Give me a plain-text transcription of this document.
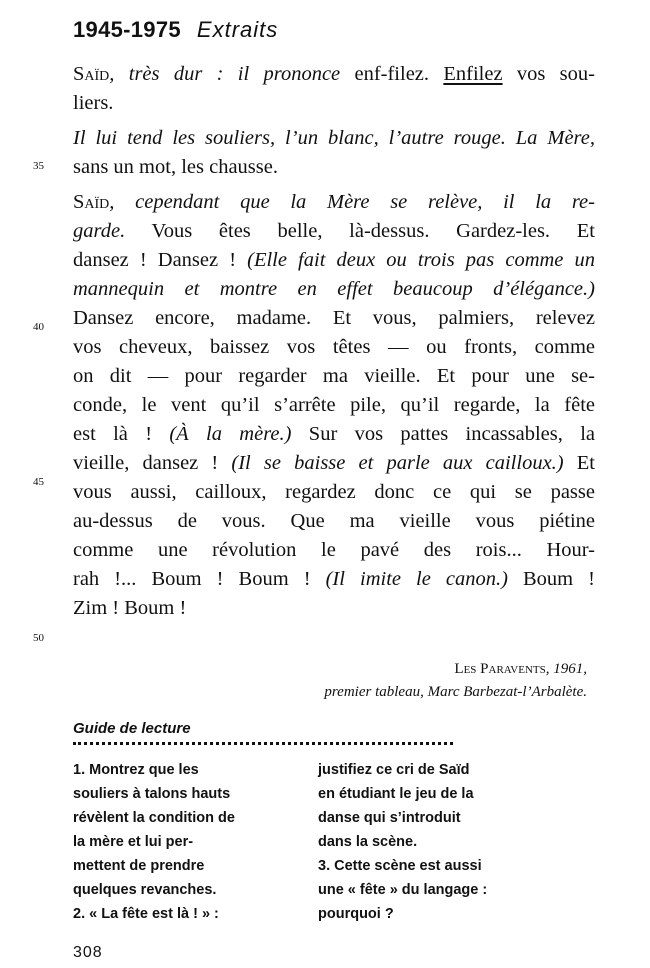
1945-1975 Extraits
Saïd, très dur : il prononce enf-filez. Enfilez vos sou-
liers.
Il lui tend les souliers, l’un blanc, l’autre rouge. La Mère,
sans un mot, les chausse.
Saïd, cependant que la Mère se relève, il la re-
garde. Vous êtes belle, là-dessus. Gardez-les. Et
dansez ! Dansez ! (Elle fait deux ou trois pas comme un
mannequin et montre en effet beaucoup d’élégance.)
Dansez encore, madame. Et vous, palmiers, relevez
vos cheveux, baissez vos têtes — ou fronts, comme
on dit — pour regarder ma vieille. Et pour une se-
conde, le vent qu’il s’arrête pile, qu’il regarde, la fête
est là ! (À la mère.) Sur vos pattes incassables, la
vieille, dansez ! (Il se baisse et parle aux cailloux.) Et
vous aussi, cailloux, regardez donc ce qui se passe
au-dessus de vous. Que ma vieille vous piétine
comme une révolution le pavé des rois... Hour-
rah !... Boum ! Boum ! (Il imite le canon.) Boum !
Zim ! Boum !
35
40
45
50
Les Paravents, 1961,
premier tableau, Marc Barbezat-l’Arbalète.
Guide de lecture
1. Montrez que les
souliers à talons hauts
révèlent la condition de
la mère et lui per-
mettent de prendre
quelques revanches.
2. « La fête est là ! » :
justifiez ce cri de Saïd
en étudiant le jeu de la
danse qui s’introduit
dans la scène.
3. Cette scène est aussi
une « fête » du langage :
pourquoi ?
308
